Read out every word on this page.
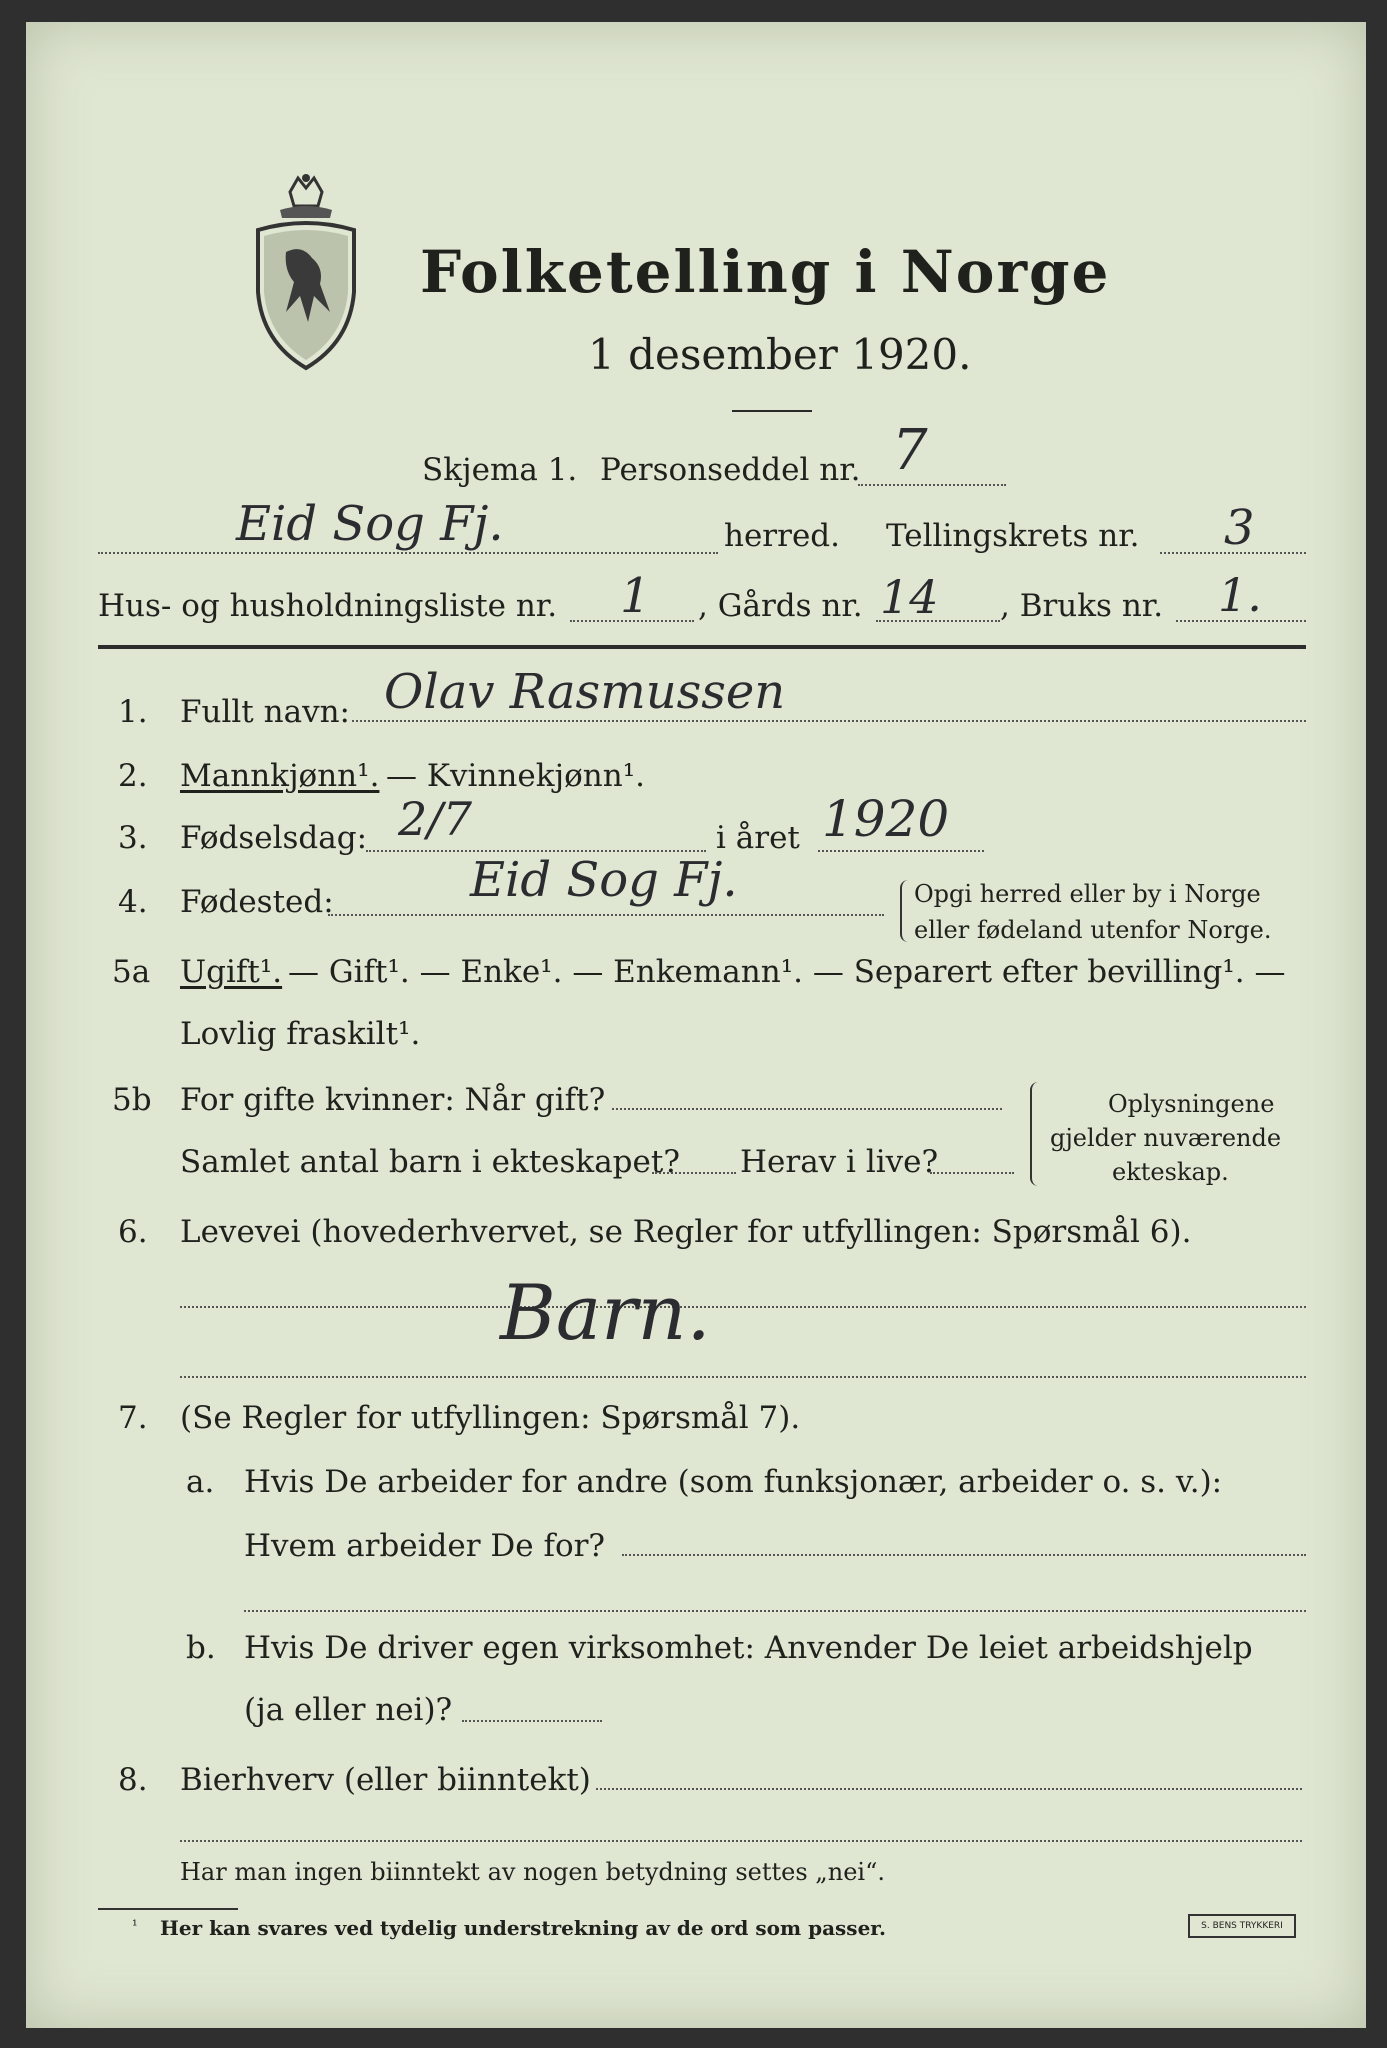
Folketelling i Norge
1 desember 1920.
Skjema 1. Personseddel nr. 7
Eid Sog Fj.	herred. Tellingskrets nr. 3
Hus- og husholdningsliste nr. 1 , Gårds nr. 14 , Bruks nr. 1.
1. Fullt navn: Olav Rasmussen
2. Mannkjønn¹. — Kvinnekjønn¹.
3. Fødselsdag: 2/7	i året 1920
4. Fødested:	Eid Sog Fj.	Opgi herred eller by i Norge
eller fødeland utenfor Norge.
5a Ugift¹. — Gift¹. — Enke¹. — Enkemann¹. — Separert efter bevilling¹. —
Lovlig fraskilt¹.
5b For gifte kvinner: Når gift?
Samlet antal barn i ekteskapet? Herav i live?
Oplysningene
gjelder nuværende
ekteskap.
6. Levevei (hovederhvervet, se Regler for utfyllingen: Spørsmål 6).
Barn.
7. (Se Regler for utfyllingen: Spørsmål 7).
a. Hvis De arbeider for andre (som funksjonær, arbeider o. s. v.):
Hvem arbeider De for?
b. Hvis De driver egen virksomhet: Anvender De leiet arbeidshjelp
(ja eller nei)?
8. Bierhverv (eller biinntekt)
Har man ingen biinntekt av nogen betydning settes „nei“.
¹ Her kan svares ved tydelig understrekning av de ord som passer.	S. BENS TRYKKERI
